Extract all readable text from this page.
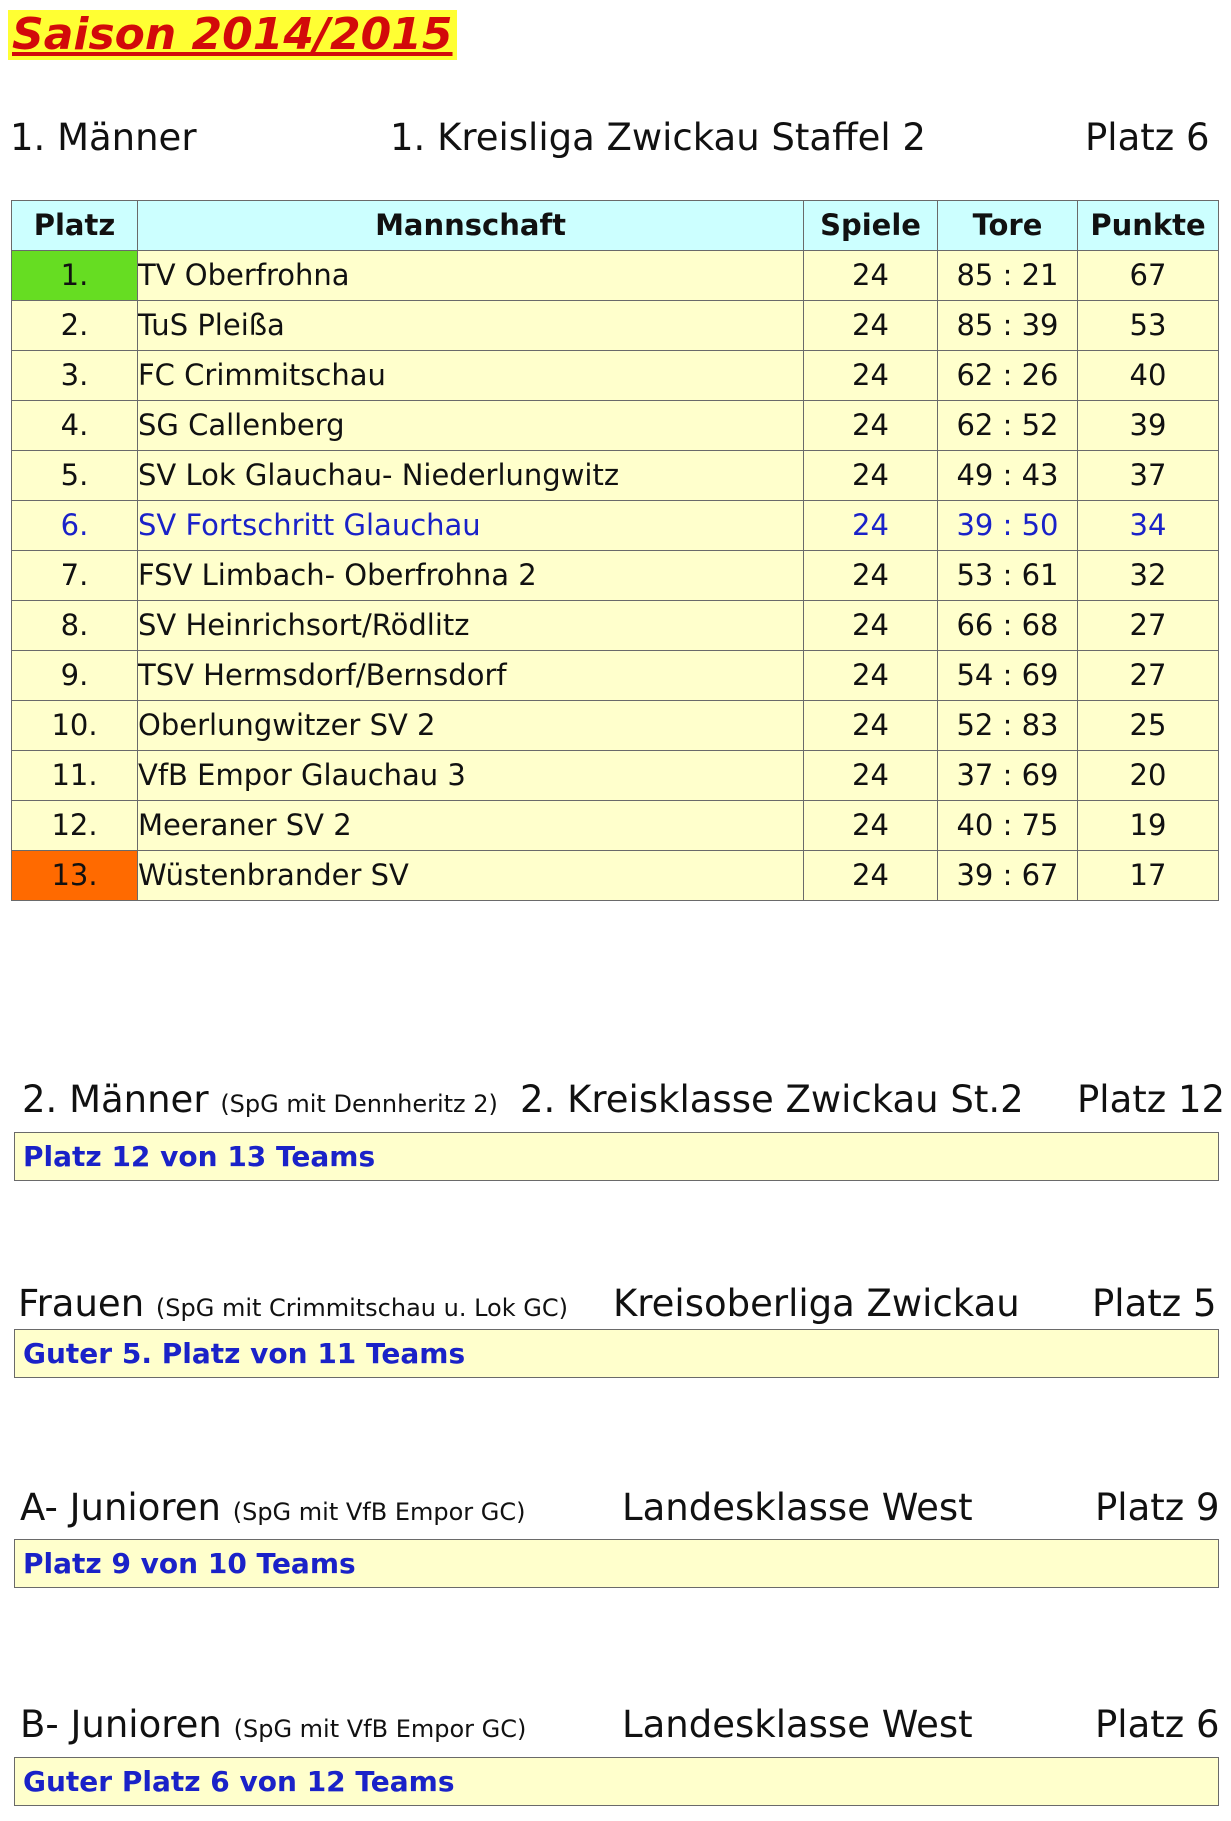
Saison 2014/2015
1. Männer	1. Kreisliga Zwickau Staffel 2	Platz 6
Platz	Mannschaft	Spiele	Tore	Punkte
1.	TV Oberfrohna	24	85 : 21	67
2.	TuS Pleißa	24	85 : 39	53
3.	FC Crimmitschau	24	62 : 26	40
4.	SG Callenberg	24	62 : 52	39
5.	SV Lok Glauchau- Niederlungwitz	24	49 : 43	37
6.	SV Fortschritt Glauchau	24	39 : 50	34
7.	FSV Limbach- Oberfrohna 2	24	53 : 61	32
8.	SV Heinrichsort/Rödlitz	24	66 : 68	27
9.	TSV Hermsdorf/Bernsdorf	24	54 : 69	27
10.	Oberlungwitzer SV 2	24	52 : 83	25
11.	VfB Empor Glauchau 3	24	37 : 69	20
12.	Meeraner SV 2	24	40 : 75	19
13.	Wüstenbrander SV	24	39 : 67	17
2. Männer (SpG mit Dennheritz 2) 2. Kreisklasse Zwickau St.2 Platz 12
Platz 12 von 13 Teams
Frauen (SpG mit Crimmitschau u. Lok GC) Kreisoberliga Zwickau Platz 5
Guter 5. Platz von 11 Teams
A- Junioren (SpG mit VfB Empor GC)	Landesklasse West	Platz 9
Platz 9 von 10 Teams
B- Junioren (SpG mit VfB Empor GC)	Landesklasse West	Platz 6
Guter Platz 6 von 12 Teams
